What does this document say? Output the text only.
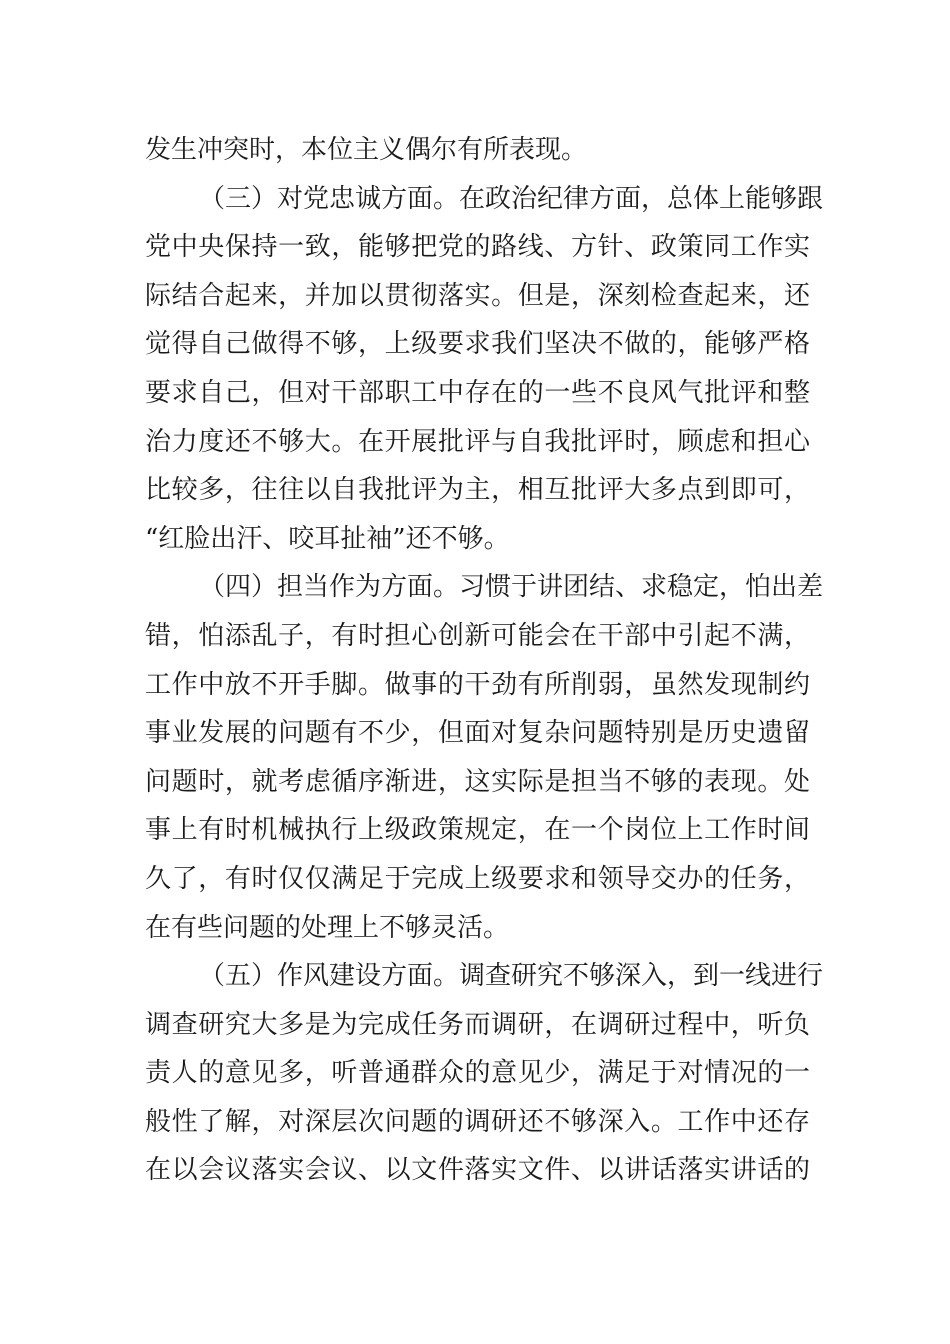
发生冲突时，本位主义偶尔有所表现。
（三）对党忠诚方面。在政治纪律方面，总体上能够跟
党中央保持一致，能够把党的路线、方针、政策同工作实
际结合起来，并加以贯彻落实。但是，深刻检查起来，还
觉得自己做得不够，上级要求我们坚决不做的，能够严格
要求自己，但对干部职工中存在的一些不良风气批评和整
治力度还不够大。在开展批评与自我批评时，顾虑和担心
比较多，往往以自我批评为主，相互批评大多点到即可，
“红脸出汗、咬耳扯袖”还不够。
（四）担当作为方面。习惯于讲团结、求稳定，怕出差
错，怕添乱子，有时担心创新可能会在干部中引起不满，
工作中放不开手脚。做事的干劲有所削弱，虽然发现制约
事业发展的问题有不少，但面对复杂问题特别是历史遗留
问题时，就考虑循序渐进，这实际是担当不够的表现。处
事上有时机械执行上级政策规定，在一个岗位上工作时间
久了，有时仅仅满足于完成上级要求和领导交办的任务，
在有些问题的处理上不够灵活。
（五）作风建设方面。调查研究不够深入，到一线进行
调查研究大多是为完成任务而调研，在调研过程中，听负
责人的意见多，听普通群众的意见少，满足于对情况的一
般性了解，对深层次问题的调研还不够深入。工作中还存
在以会议落实会议、以文件落实文件、以讲话落实讲话的
